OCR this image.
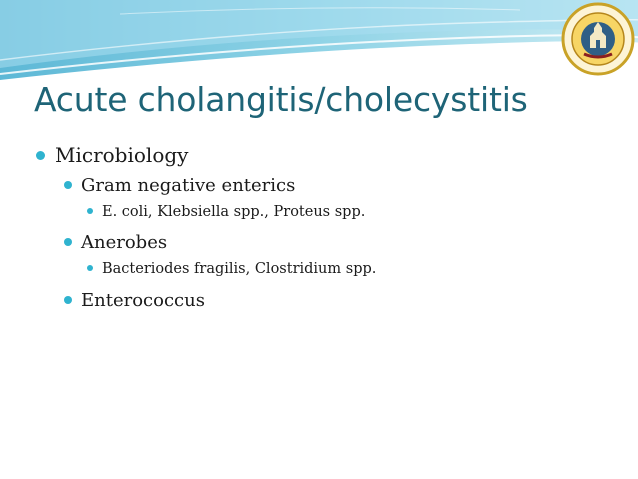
Acute cholangitis/cholecystitis
Microbiology
Gram negative enterics
E. coli, Klebsiella spp., Proteus spp.
Anerobes
Bacteriodes fragilis, Clostridium spp.
Enterococcus
